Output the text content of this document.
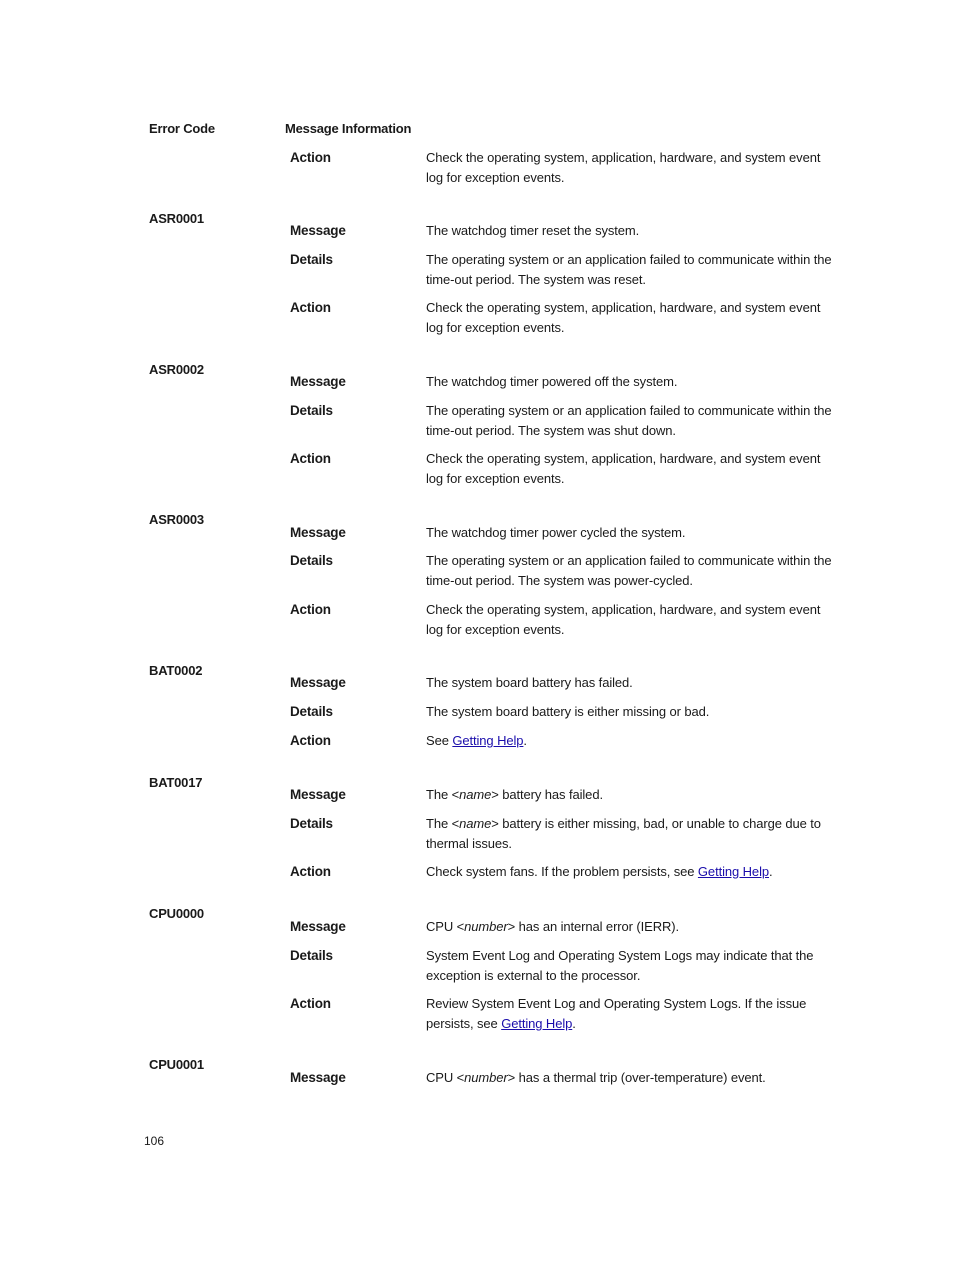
Error Code	Message Information
Action	Check the operating system, application, hardware, and system event log for exception events.
ASR0001
Message	The watchdog timer reset the system.
Details	The operating system or an application failed to communicate within the time-out period. The system was reset.
Action	Check the operating system, application, hardware, and system event log for exception events.
ASR0002
Message	The watchdog timer powered off the system.
Details	The operating system or an application failed to communicate within the time-out period. The system was shut down.
Action	Check the operating system, application, hardware, and system event log for exception events.
ASR0003
Message	The watchdog timer power cycled the system.
Details	The operating system or an application failed to communicate within the time-out period. The system was power-cycled.
Action	Check the operating system, application, hardware, and system event log for exception events.
BAT0002
Message	The system board battery has failed.
Details	The system board battery is either missing or bad.
Action	See Getting Help.
BAT0017
Message	The <name> battery has failed.
Details	The <name> battery is either missing, bad, or unable to charge due to thermal issues.
Action	Check system fans. If the problem persists, see Getting Help.
CPU0000
Message	CPU <number> has an internal error (IERR).
Details	System Event Log and Operating System Logs may indicate that the exception is external to the processor.
Action	Review System Event Log and Operating System Logs. If the issue persists, see Getting Help.
CPU0001
Message	CPU <number> has a thermal trip (over-temperature) event.
106
